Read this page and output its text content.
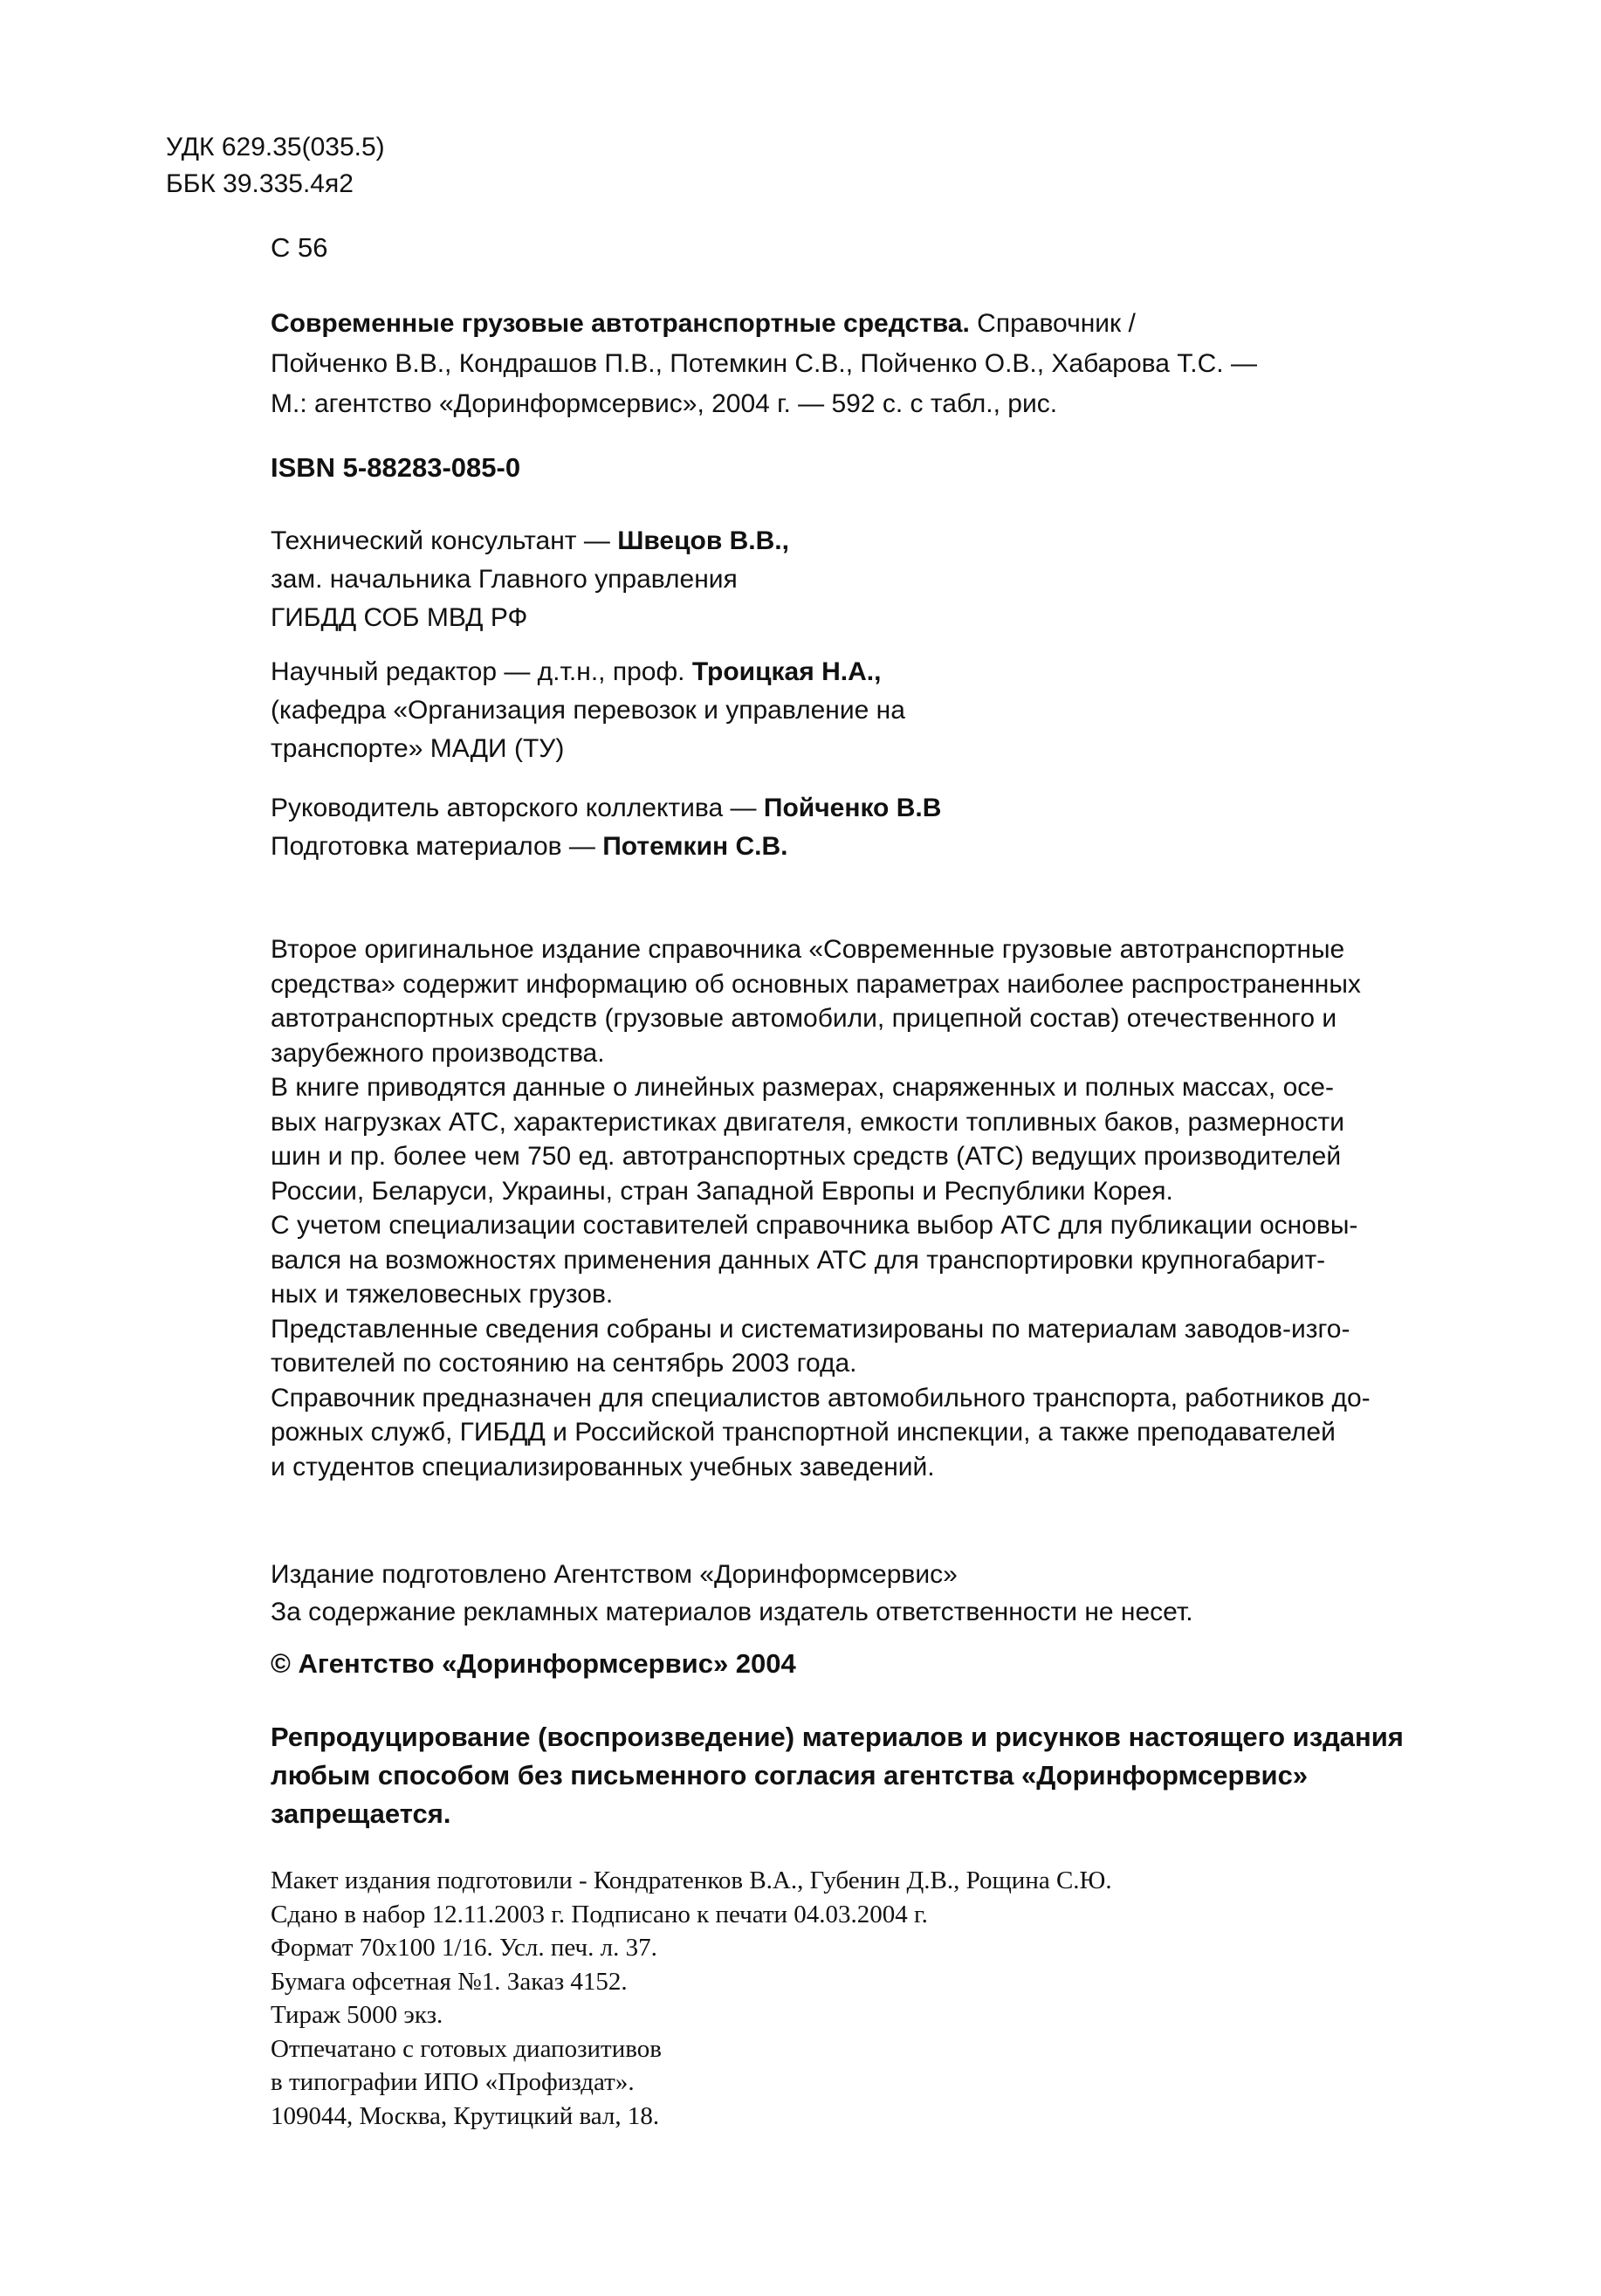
УДК 629.35(035.5)
ББК 39.335.4я2
С 56
Современные грузовые автотранспортные средства. Справочник /
Пойченко В.В., Кондрашов П.В., Потемкин С.В., Пойченко О.В., Хабарова Т.С. —
М.: агентство «Доринформсервис», 2004 г. — 592 с. с табл., рис.
ISBN 5-88283-085-0
Технический консультант — Швецов В.В.,
зам. начальника Главного управления
ГИБДД СОБ МВД РФ
Научный редактор — д.т.н., проф. Троицкая Н.А.,
(кафедра «Организация перевозок и управление на
транспорте» МАДИ (ТУ)
Руководитель авторского коллектива — Пойченко В.В
Подготовка материалов — Потемкин С.В.
Второе оригинальное издание справочника «Современные грузовые автотранспортные
средства» содержит информацию об основных параметрах наиболее распространенных
автотранспортных средств (грузовые автомобили, прицепной состав) отечественного и
зарубежного производства.
В книге приводятся данные о линейных размерах, снаряженных и полных массах, осе-
вых нагрузках АТС, характеристиках двигателя, емкости топливных баков, размерности
шин и пр. более чем 750 ед. автотранспортных средств (АТС) ведущих производителей
России, Беларуси, Украины, стран Западной Европы и Республики Корея.
С учетом специализации составителей справочника выбор АТС для публикации основы-
вался на возможностях применения данных АТС для транспортировки крупногабарит-
ных и тяжеловесных грузов.
Представленные сведения собраны и систематизированы по материалам заводов-изго-
товителей по состоянию на сентябрь 2003 года.
Справочник предназначен для специалистов автомобильного транспорта, работников до-
рожных служб, ГИБДД и Российской транспортной инспекции, а также преподавателей
и студентов специализированных учебных заведений.
Издание подготовлено Агентством «Доринформсервис»
За содержание рекламных материалов издатель ответственности не несет.
© Агентство «Доринформсервис» 2004
Репродуцирование (воспроизведение) материалов и рисунков настоящего издания
любым способом без письменного согласия агентства «Доринформсервис»
запрещается.
Макет издания подготовили - Кондратенков В.А., Губенин Д.В., Рощина С.Ю.
Сдано в набор 12.11.2003 г. Подписано к печати 04.03.2004 г.
Формат 70x100 1/16. Усл. печ. л. 37.
Бумага офсетная №1. Заказ 4152.
Тираж 5000 экз.
Отпечатано с готовых диапозитивов
в типографии ИПО «Профиздат».
109044, Москва, Крутицкий вал, 18.
